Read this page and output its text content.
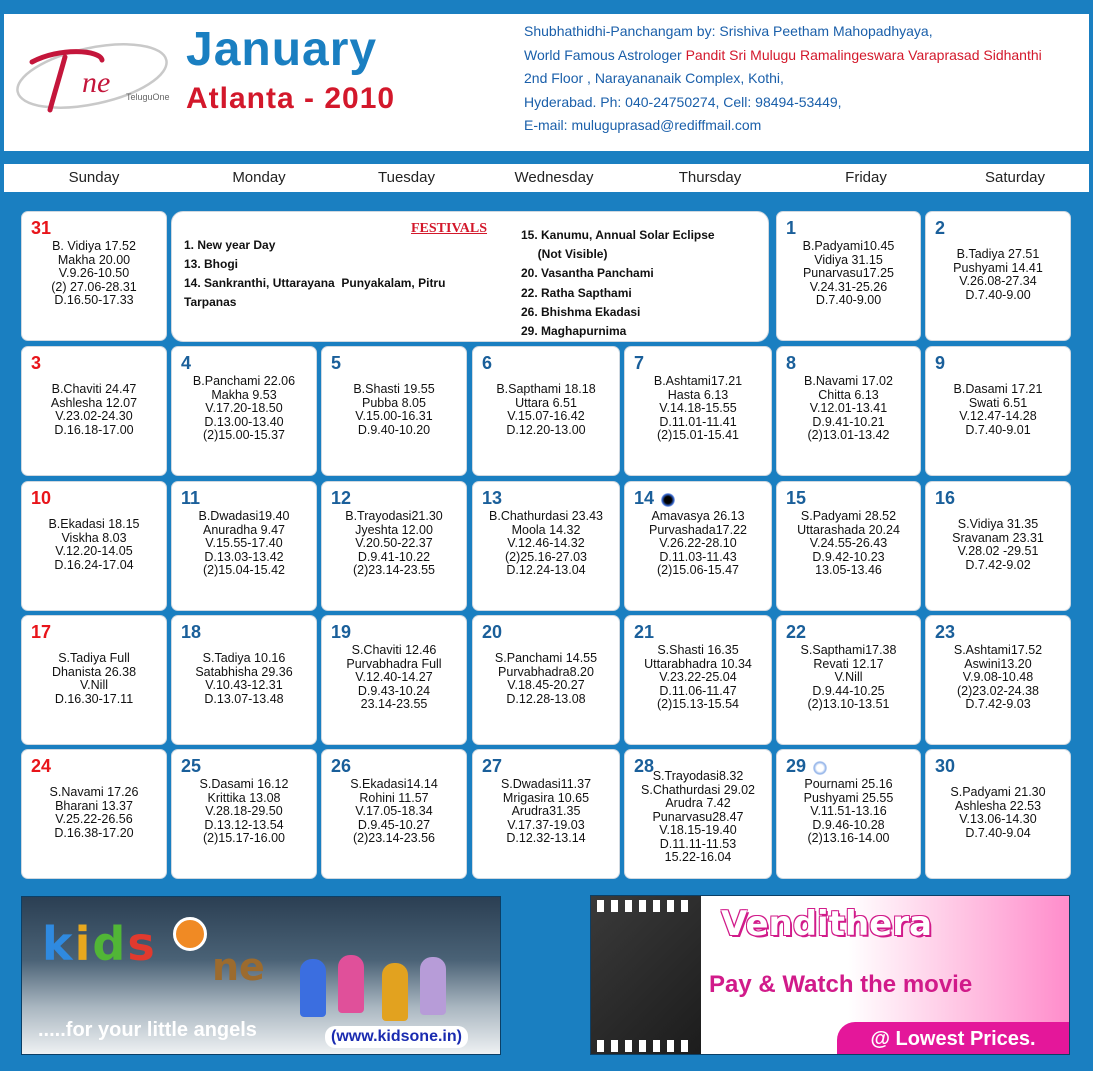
ne TeluguOne
January
Atlanta - 2010
Shubhathidhi-Panchangam by: Srishiva Peetham Mahopadhyaya,
World Famous Astrologer Pandit Sri Mulugu Ramalingeswara Varaprasad Sidhanthi
2nd Floor , Narayananaik Complex, Kothi,
Hyderabad. Ph: 040-24750274, Cell: 98494-53449,
E-mail: muluguprasad@rediffmail.com
Sunday	Monday	Tuesday	Wednesday	Thursday	Friday	Saturday
FESTIVALS
1. New year Day
13. Bhogi
14. Sankranthi, Uttarayana  Punyakalam, Pitru
Tarpanas
15. Kanumu, Annual Solar Eclipse
(Not Visible)
20. Vasantha Panchami
22. Ratha Sapthami
26. Bhishma Ekadasi
29. Maghapurnima
31
B. Vidiya 17.52
Makha 20.00
V.9.26-10.50
(2) 27.06-28.31
D.16.50-17.33
1
B.Padyami10.45
Vidiya 31.15
Punarvasu17.25
V.24.31-25.26
D.7.40-9.00
2
B.Tadiya 27.51
Pushyami 14.41
V.26.08-27.34
D.7.40-9.00
3
B.Chaviti 24.47
Ashlesha 12.07
V.23.02-24.30
D.16.18-17.00
4
B.Panchami 22.06
Makha 9.53
V.17.20-18.50
D.13.00-13.40
(2)15.00-15.37
5
B.Shasti 19.55
Pubba 8.05
V.15.00-16.31
D.9.40-10.20
6
B.Sapthami 18.18
Uttara 6.51
V.15.07-16.42
D.12.20-13.00
7
B.Ashtami17.21
Hasta 6.13
V.14.18-15.55
D.11.01-11.41
(2)15.01-15.41
8
B.Navami 17.02
Chitta 6.13
V.12.01-13.41
D.9.41-10.21
(2)13.01-13.42
9
B.Dasami 17.21
Swati 6.51
V.12.47-14.28
D.7.40-9.01
10
B.Ekadasi 18.15
Viskha 8.03
V.12.20-14.05
D.16.24-17.04
11
B.Dwadasi19.40
Anuradha 9.47
V.15.55-17.40
D.13.03-13.42
(2)15.04-15.42
12
B.Trayodasi21.30
Jyeshta 12.00
V.20.50-22.37
D.9.41-10.22
(2)23.14-23.55
13
B.Chathurdasi 23.43
Moola 14.32
V.12.46-14.32
(2)25.16-27.03
D.12.24-13.04
14
Amavasya 26.13
Purvashada17.22
V.26.22-28.10
D.11.03-11.43
(2)15.06-15.47
15
S.Padyami 28.52
Uttarashada 20.24
V.24.55-26.43
D.9.42-10.23
13.05-13.46
16
S.Vidiya 31.35
Sravanam 23.31
V.28.02 -29.51
D.7.42-9.02
17
S.Tadiya Full
Dhanista 26.38
V.Nill
D.16.30-17.11
18
S.Tadiya 10.16
Satabhisha 29.36
V.10.43-12.31
D.13.07-13.48
19
S.Chaviti 12.46
Purvabhadra Full
V.12.40-14.27
D.9.43-10.24
23.14-23.55
20
S.Panchami 14.55
Purvabhadra8.20
V.18.45-20.27
D.12.28-13.08
21
S.Shasti 16.35
Uttarabhadra 10.34
V.23.22-25.04
D.11.06-11.47
(2)15.13-15.54
22
S.Sapthami17.38
Revati 12.17
V.Nill
D.9.44-10.25
(2)13.10-13.51
23
S.Ashtami17.52
Aswini13.20
V.9.08-10.48
(2)23.02-24.38
D.7.42-9.03
24
S.Navami 17.26
Bharani 13.37
V.25.22-26.56
D.16.38-17.20
25
S.Dasami 16.12
Krittika 13.08
V.28.18-29.50
D.13.12-13.54
(2)15.17-16.00
26
S.Ekadasi14.14
Rohini 11.57
V.17.05-18.34
D.9.45-10.27
(2)23.14-23.56
27
S.Dwadasi11.37
Mrigasira 10.65
Arudra31.35
V.17.37-19.03
D.12.32-13.14
28
S.Trayodasi8.32
S.Chathurdasi 29.02
Arudra 7.42
Punarvasu28.47
V.18.15-19.40
D.11.11-11.53
15.22-16.04
29
Pournami 25.16
Pushyami 25.55
V.11.51-13.16
D.9.46-10.28
(2)13.16-14.00
30
S.Padyami 21.30
Ashlesha 22.53
V.13.06-14.30
D.7.40-9.04
kids ne
.....for your little angels	(www.kidsone.in)
Vendithera
Pay & Watch the movie
@ Lowest Prices.
